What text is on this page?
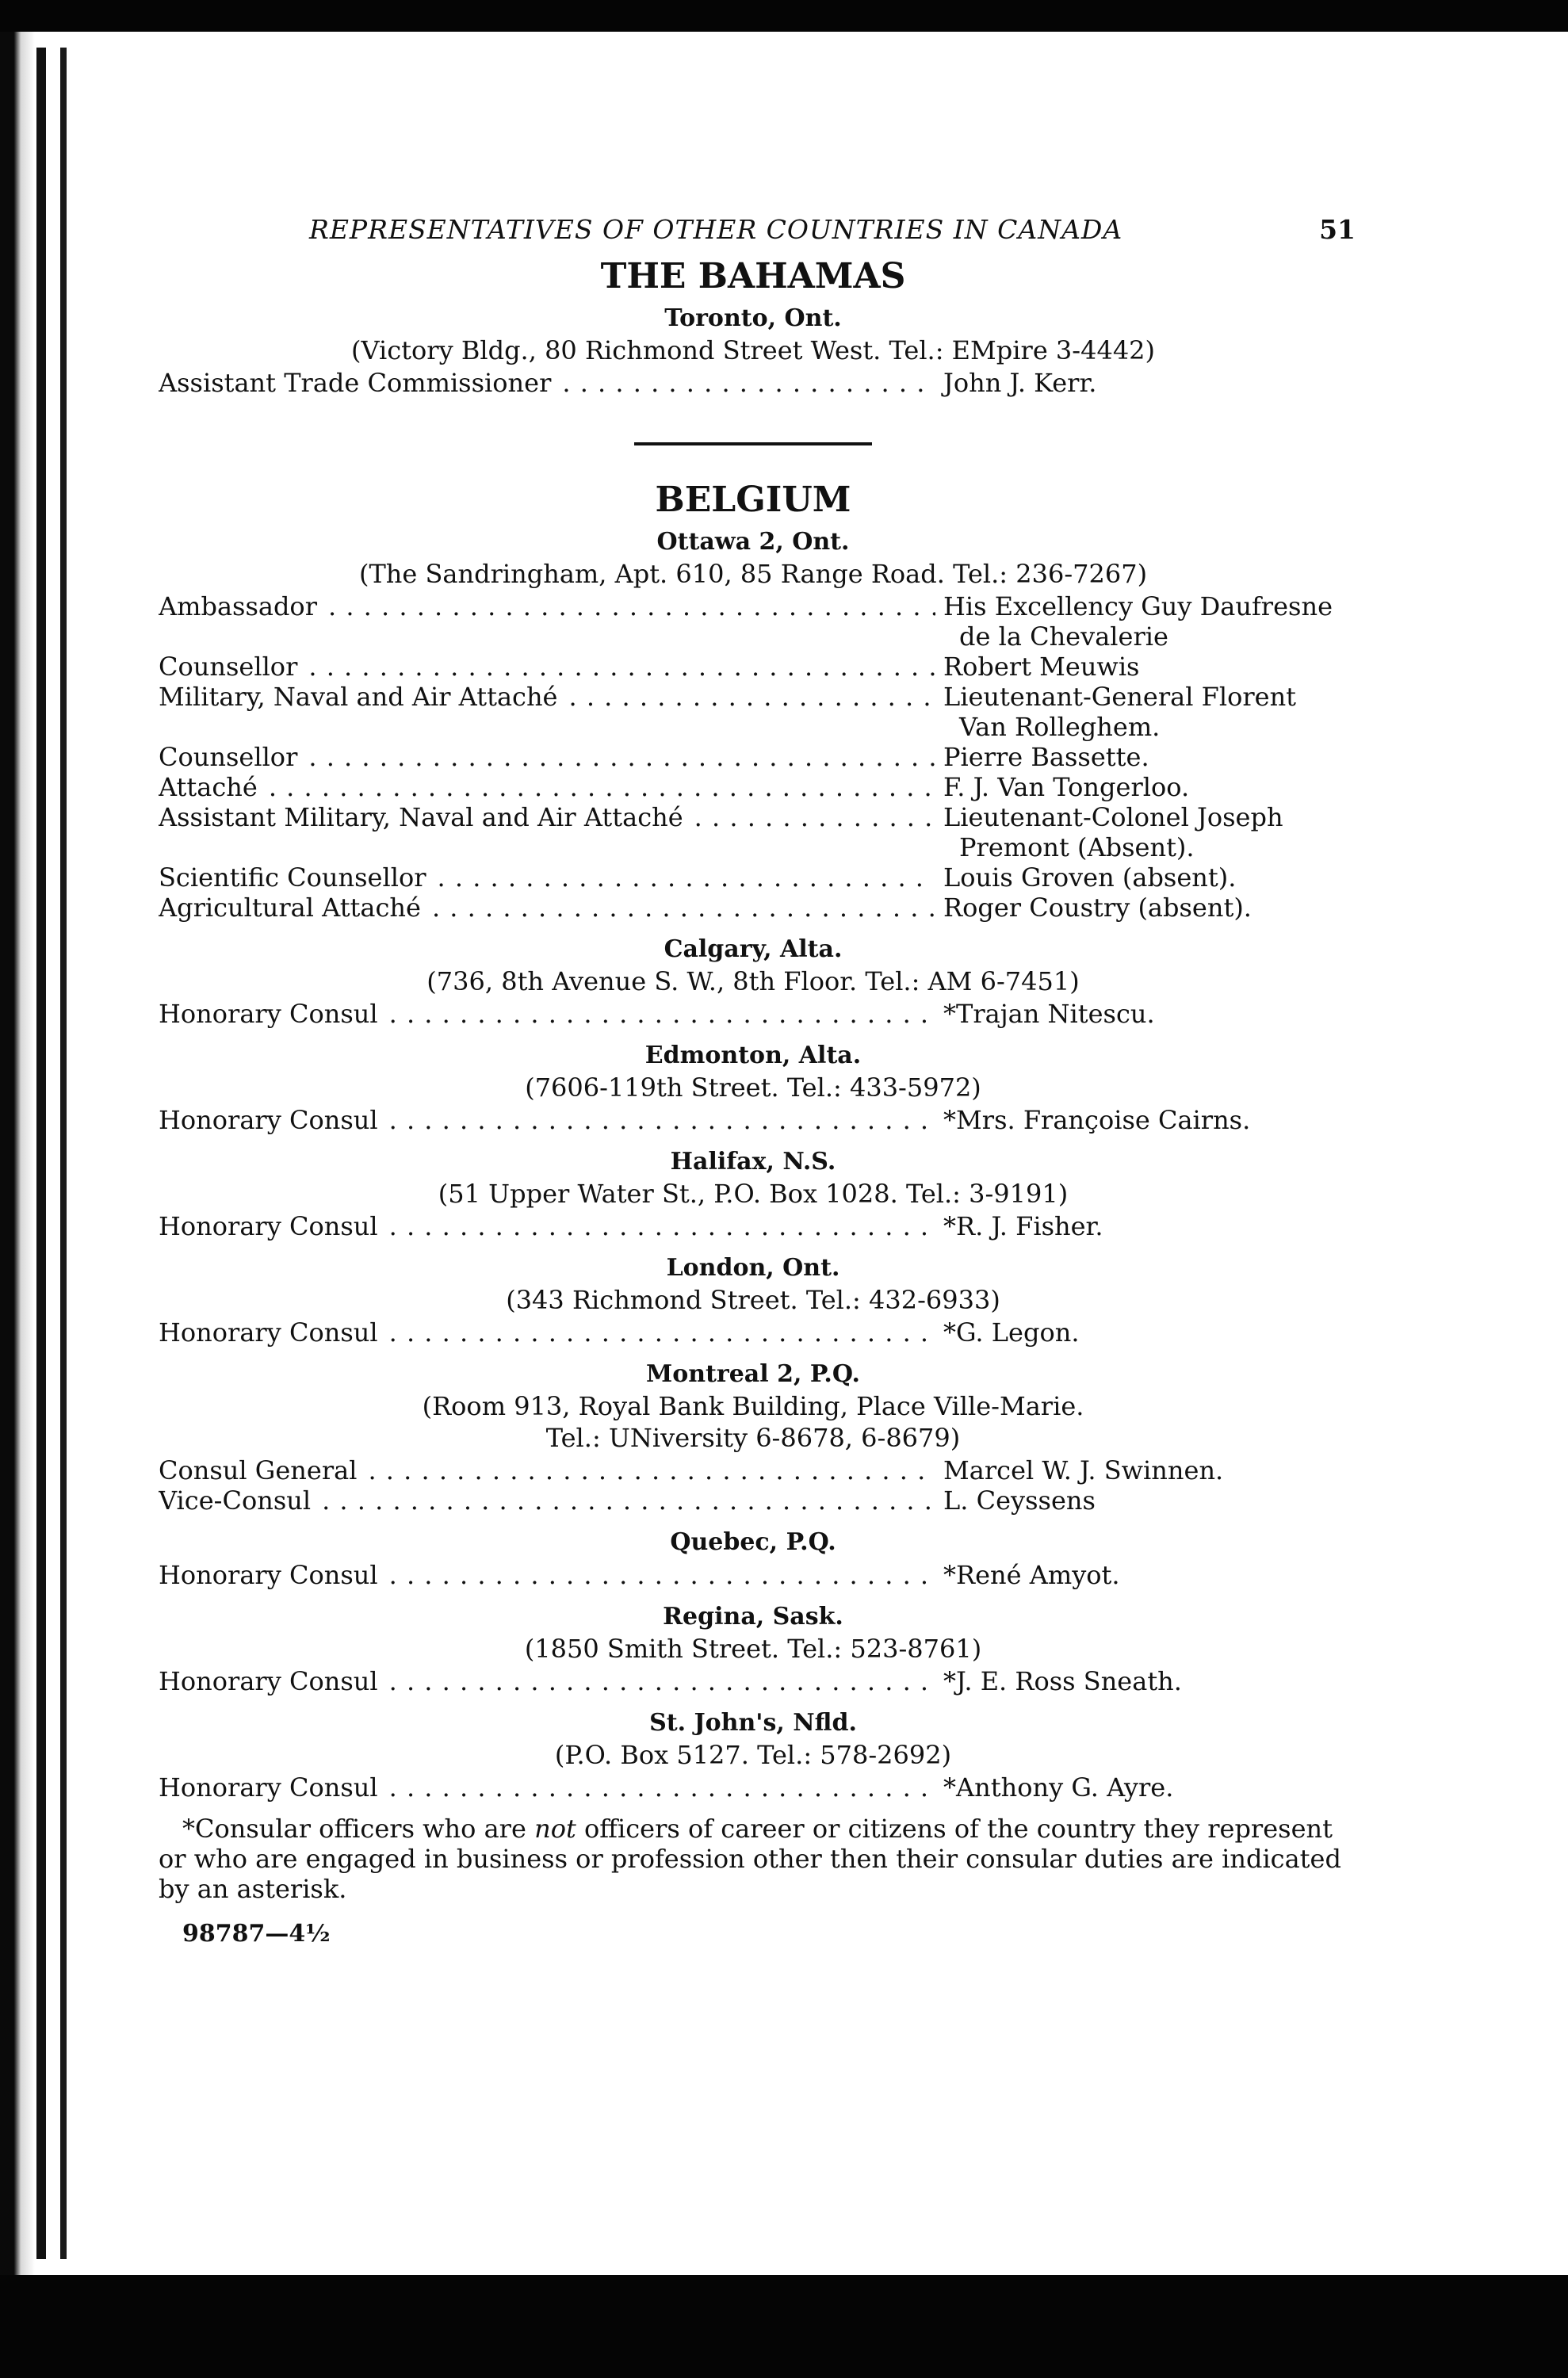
REPRESENTATIVES OF OTHER COUNTRIES IN CANADA	51
THE BAHAMAS
Toronto, Ont.
(Victory Bldg., 80 Richmond Street West. Tel.: EMpire 3-4442)
Assistant Trade Commissioner . . .	John J. Kerr.
BELGIUM
Ottawa 2, Ont.
(The Sandringham, Apt. 610, 85 Range Road. Tel.: 236-7267)
Ambassador . . .	His Excellency Guy Daufresne
de la Chevalerie
Counsellor . . .	Robert Meuwis
Military, Naval and Air Attaché . . .	Lieutenant-General Florent
Van Rolleghem.
Counsellor . . .	Pierre Bassette.
Attaché . . .	F. J. Van Tongerloo.
Assistant Military, Naval and Air Attaché . . .	Lieutenant-Colonel Joseph
Premont (Absent).
Scientific Counsellor . . .	Louis Groven (absent).
Agricultural Attaché . . .	Roger Coustry (absent).
Calgary, Alta.
(736, 8th Avenue S. W., 8th Floor. Tel.: AM 6-7451)
Honorary Consul . . .	*Trajan Nitescu.
Edmonton, Alta.
(7606-119th Street. Tel.: 433-5972)
Honorary Consul . . .	*Mrs. Françoise Cairns.
Halifax, N.S.
(51 Upper Water St., P.O. Box 1028. Tel.: 3-9191)
Honorary Consul . . .	*R. J. Fisher.
London, Ont.
(343 Richmond Street. Tel.: 432-6933)
Honorary Consul . . .	*G. Legon.
Montreal 2, P.Q.
(Room 913, Royal Bank Building, Place Ville-Marie.
Tel.: UNiversity 6-8678, 6-8679)
Consul General . . .	Marcel W. J. Swinnen.
Vice-Consul . . .	L. Ceyssens
Quebec, P.Q.
Honorary Consul . . .	*René Amyot.
Regina, Sask.
(1850 Smith Street. Tel.: 523-8761)
Honorary Consul . . .	*J. E. Ross Sneath.
St. John's, Nfld.
(P.O. Box 5127. Tel.: 578-2692)
Honorary Consul . . .	*Anthony G. Ayre.
*Consular officers who are not officers of career or citizens of the country they represent or who are engaged in business or profession other then their consular duties are indicated by an asterisk.
98787—4½
